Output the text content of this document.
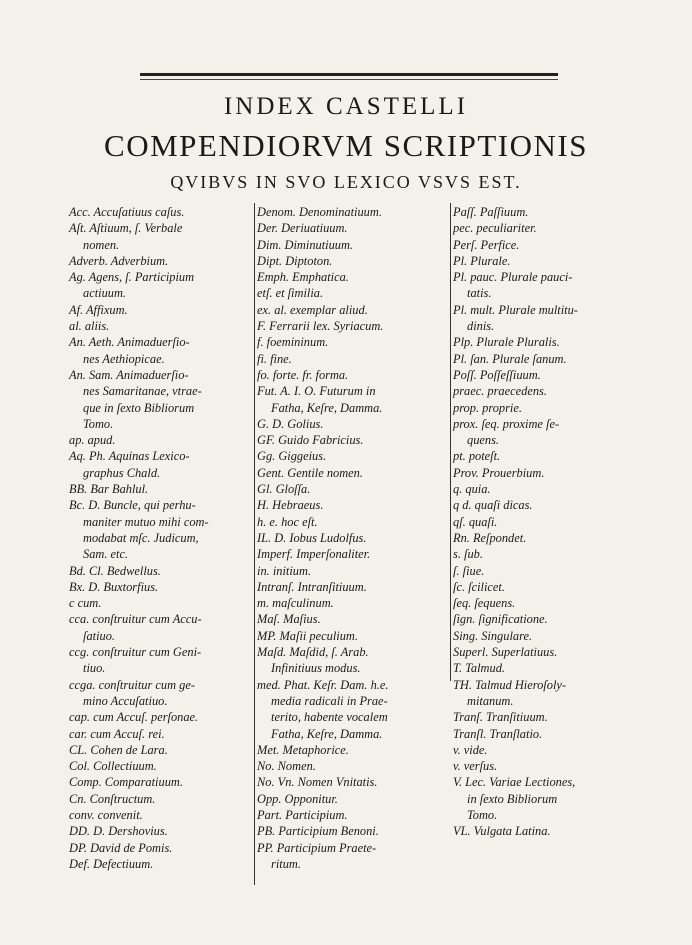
INDEX CASTELLI
COMPENDIORVM SCRIPTIONIS
QVIBVS IN SVO LEXICO VSVS EST.
Acc. Accuſatiuus caſus.
Aſt. Aſtiuum, ſ. Verbale
nomen.
Adverb. Adverbium.
Ag. Agens, ſ. Participium
actiuum.
Af. Affixum.
al. aliis.
An. Aeth. Animaduerſio-
nes Aethiopicae.
An. Sam. Animaduerſio-
nes Samaritanae, vtrae-
que in ſexto Bibliorum
Tomo.
ap. apud.
Aq. Ph. Aquinas Lexico-
graphus Chald.
BB. Bar Bahlul.
Bc. D. Buncle, qui perhu-
maniter mutuo mihi com-
modabat mſc. Judicum,
Sam. etc.
Bd. Cl. Bedwellus.
Bx. D. Buxtorfius.
c cum.
cca. conſtruitur cum Accu-
ſatiuo.
ccg. conſtruitur cum Geni-
tiuo.
ccga. conſtruitur cum ge-
mino Accuſatiuo.
cap. cum Accuſ. perſonae.
car. cum Accuſ. rei.
CL. Cohen de Lara.
Col. Collectiuum.
Comp. Comparatiuum.
Cn. Conſtructum.
conv. convenit.
DD. D. Dershovius.
DP. David de Pomis.
Def. Defectiuum.
Denom. Denominatiuum.
Der. Deriuatiuum.
Dim. Diminutiuum.
Dipt. Diptoton.
Emph. Emphatica.
etſ. et ſimilia.
ex. al. exemplar aliud.
F. Ferrarii lex. Syriacum.
f. foemininum.
fi. fine.
fo. forte. fr. forma.
Fut. A. I. O. Futurum in
Fatha, Keſre, Damma.
G. D. Golius.
GF. Guido Fabricius.
Gg. Giggeius.
Gent. Gentile nomen.
Gl. Gloſſa.
H. Hebraeus.
h. e. hoc eſt.
IL. D. Iobus Ludolfus.
Imperf. Imperſonaliter.
in. initium.
Intranſ. Intranſitiuum.
m. maſculinum.
Maſ. Maſius.
MP. Maſii peculium.
Maſd. Maſdid, ſ. Arab.
Infinitiuus modus.
med. Phat. Keſr. Dam. h.e.
media radicali in Prae-
terito, habente vocalem
Fatha, Keſre, Damma.
Met. Metaphorice.
No. Nomen.
No. Vn. Nomen Vnitatis.
Opp. Opponitur.
Part. Participium.
PB. Participium Benoni.
PP. Participium Praete-
ritum.
Paſſ. Paſſiuum.
pec. peculiariter.
Perſ. Perfice.
Pl. Plurale.
Pl. pauc. Plurale pauci-
tatis.
Pl. mult. Plurale multitu-
dinis.
Plp. Plurale Pluralis.
Pl. ſan. Plurale ſanum.
Poſſ. Poſſeſſiuum.
praec. praecedens.
prop. proprie.
prox. ſeq. proxime ſe-
quens.
pt. poteſt.
Prov. Prouerbium.
q. quia.
q d. quaſi dicas.
qſ. quaſi.
Rn. Reſpondet.
s. ſub.
ſ. ſiue.
ſc. ſcilicet.
ſeq. ſequens.
ſign. ſignificatione.
Sing. Singulare.
Superl. Superlatiuus.
T. Talmud.
TH. Talmud Hieroſoly-
mitanum.
Tranſ. Tranſitiuum.
Tranſl. Tranſlatio.
v. vide.
v. verſus.
V. Lec. Variae Lectiones,
in ſexto Bibliorum
Tomo.
VL. Vulgata Latina.
